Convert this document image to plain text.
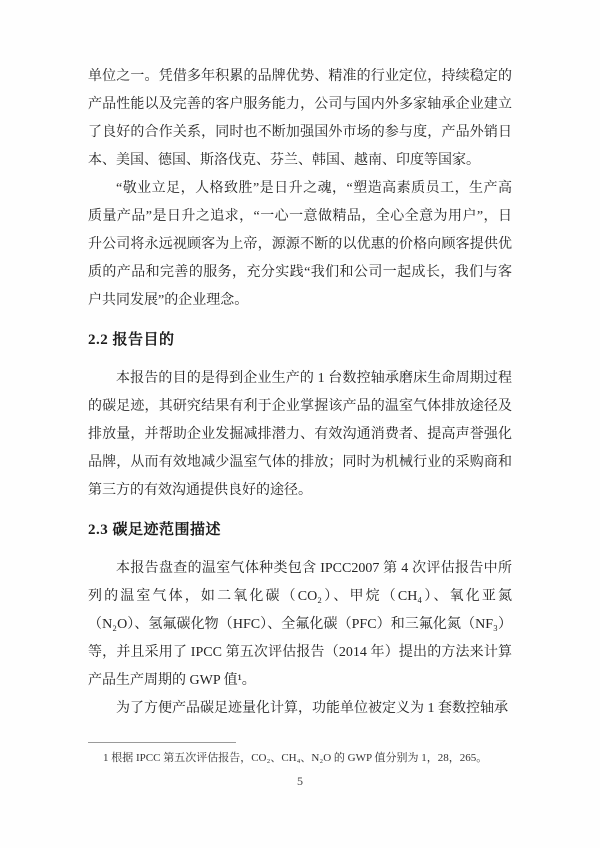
单位之一。凭借多年积累的品牌优势、精准的行业定位，持续稳定的产品性能以及完善的客户服务能力，公司与国内外多家轴承企业建立了良好的合作关系，同时也不断加强国外市场的参与度，产品外销日本、美国、德国、斯洛伐克、芬兰、韩国、越南、印度等国家。

“敬业立足，人格致胜”是日升之魂，“塑造高素质员工，生产高质量产品”是日升之追求，“一心一意做精品，全心全意为用户”，日升公司将永远视顾客为上帝，源源不断的以优惠的价格向顾客提供优质的产品和完善的服务，充分实践“我们和公司一起成长，我们与客户共同发展”的企业理念。

2.2 报告目的

本报告的目的是得到企业生产的 1 台数控轴承磨床生命周期过程的碳足迹，其研究结果有利于企业掌握该产品的温室气体排放途径及排放量，并帮助企业发掘减排潜力、有效沟通消费者、提高声誉强化品牌，从而有效地减少温室气体的排放；同时为机械行业的采购商和第三方的有效沟通提供良好的途径。

2.3 碳足迹范围描述

本报告盘查的温室气体种类包含 IPCC2007 第 4 次评估报告中所列的温室气体，如二氧化碳（CO₂）、甲烷（CH₄）、氧化亚氮（N₂O）、氢氟碳化物（HFC）、全氟化碳（PFC）和三氟化氮（NF₃）等，并且采用了 IPCC 第五次评估报告（2014 年）提出的方法来计算产品生产周期的 GWP 值¹。

为了方便产品碳足迹量化计算，功能单位被定义为 1 套数控轴承

1 根据 IPCC 第五次评估报告，CO₂、CH₄、N₂O 的 GWP 值分别为 1，28，265。

5
